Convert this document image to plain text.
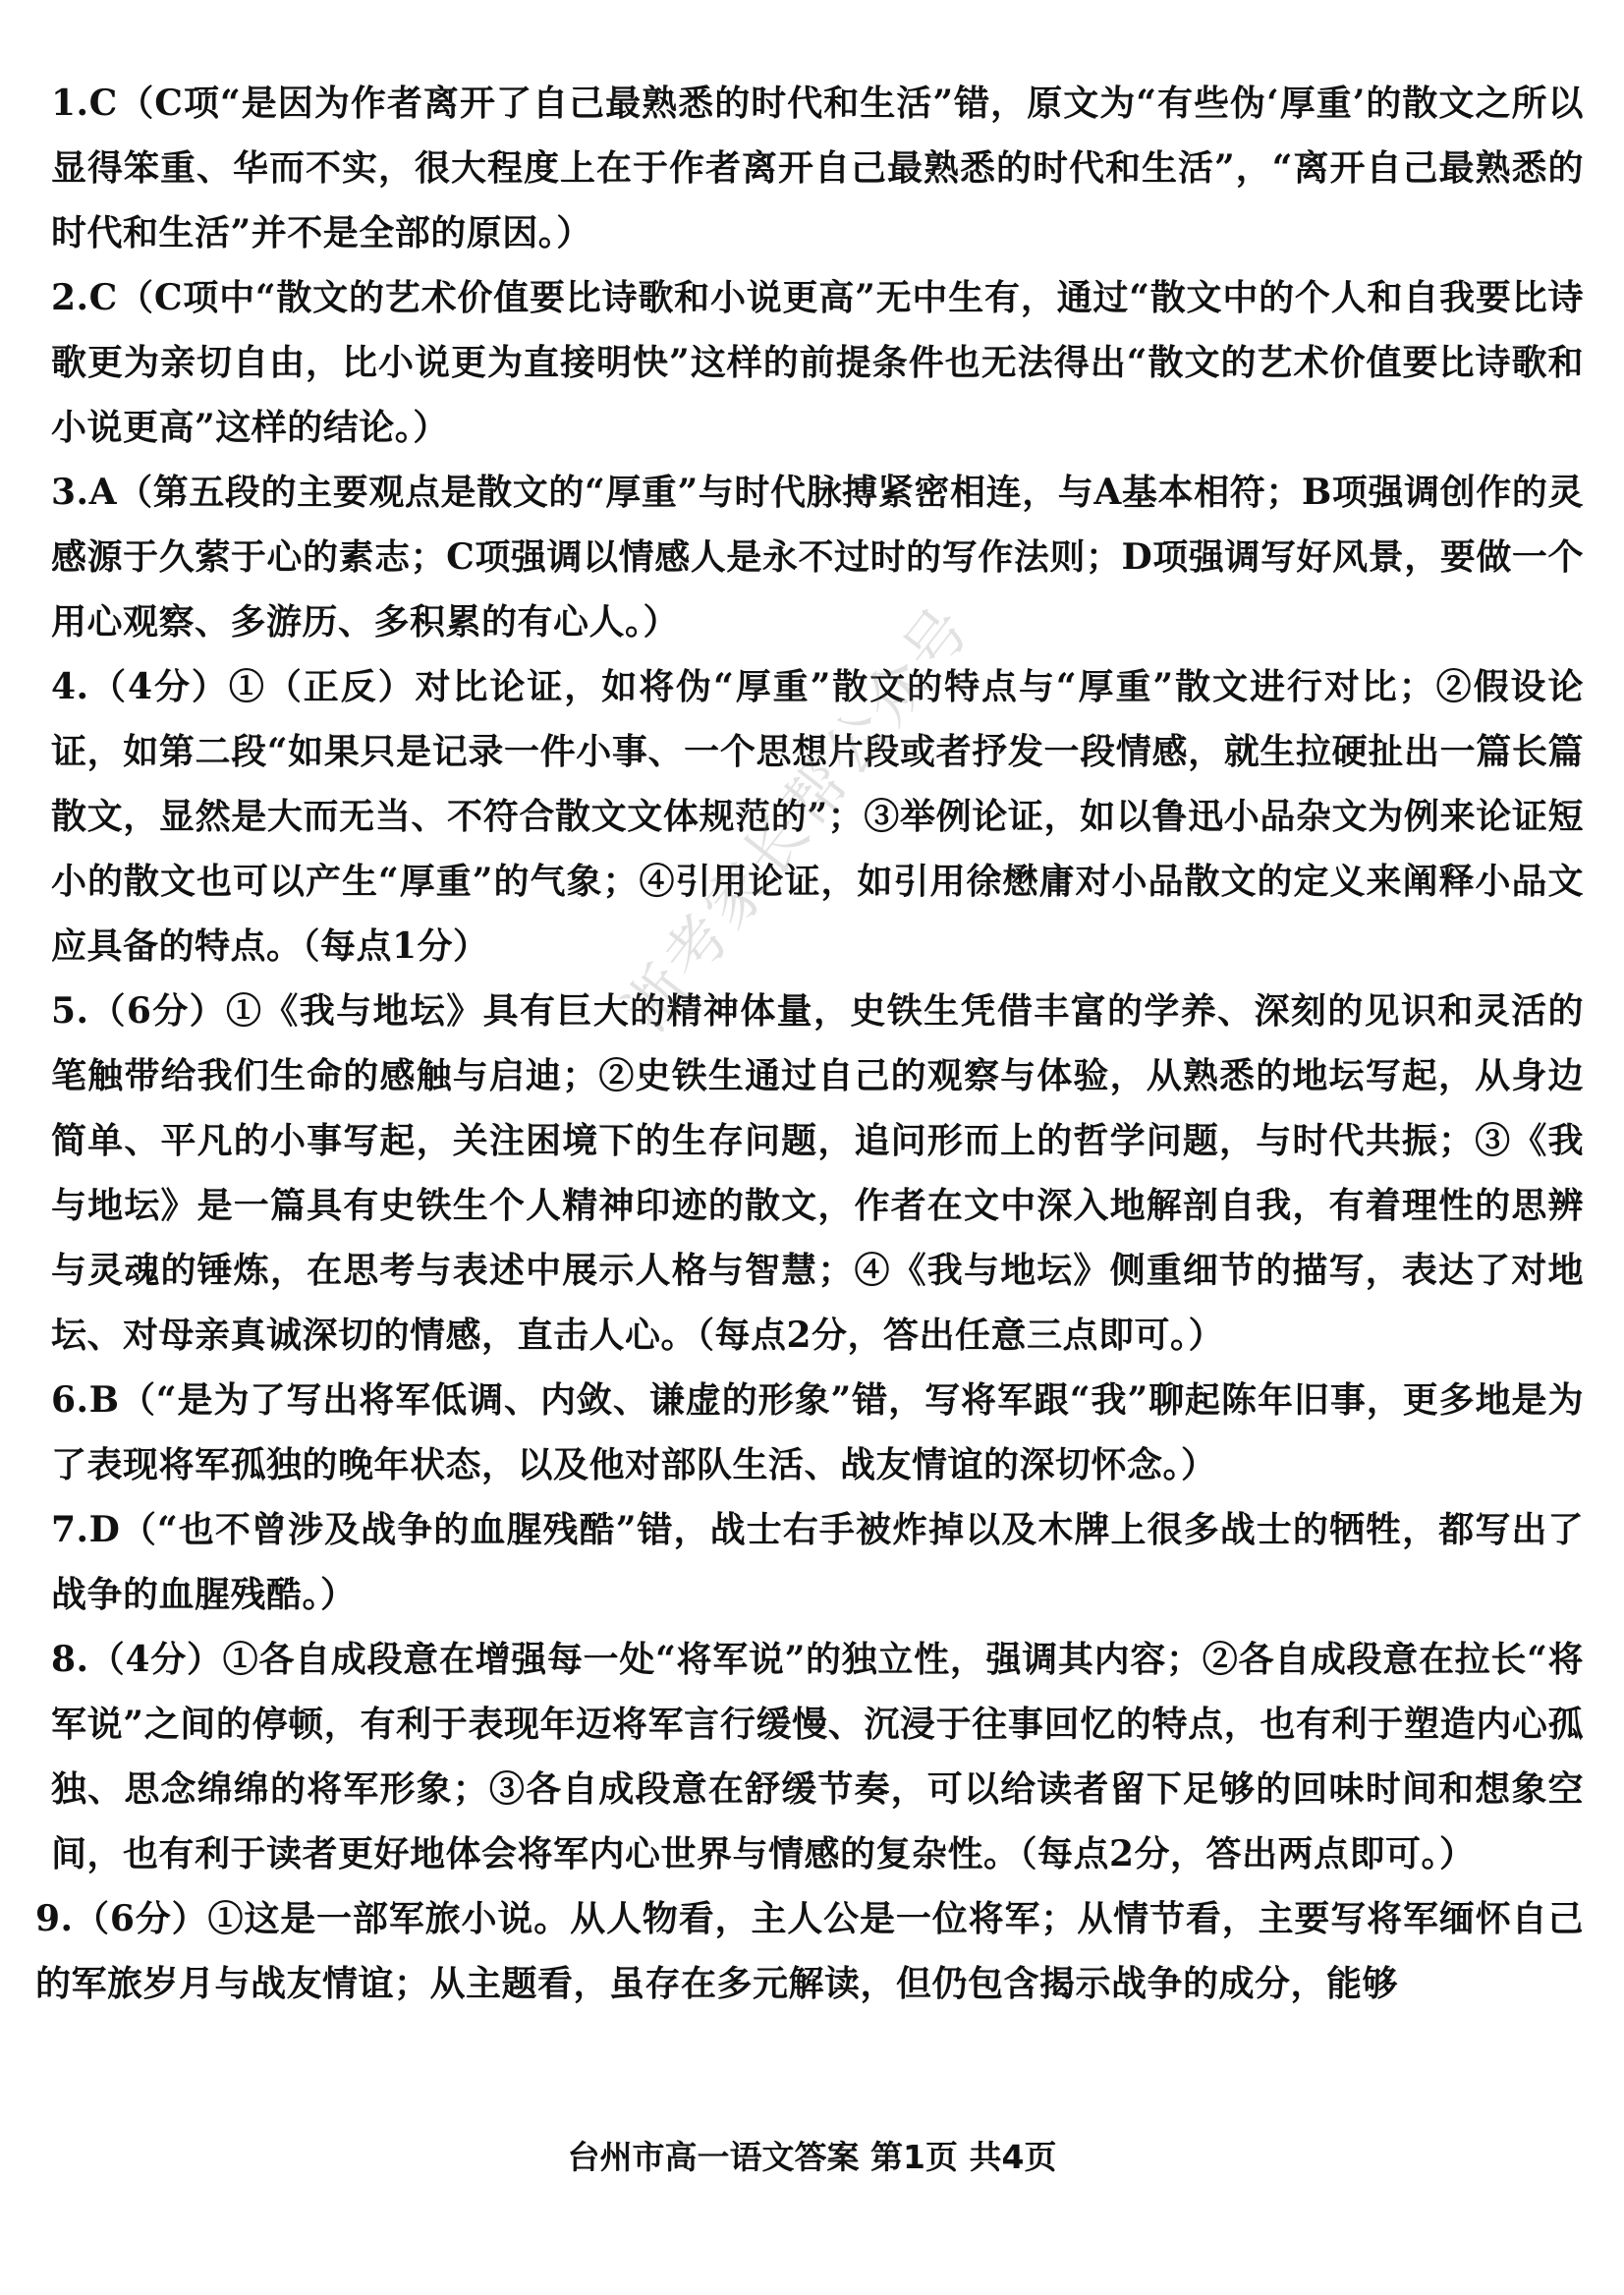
1.C（C项“是因为作者离开了自己最熟悉的时代和生活”错，原文为“有些伪‘厚重’的散文之所以显得笨重、华而不实，很大程度上在于作者离开自己最熟悉的时代和生活”，“离开自己最熟悉的时代和生活”并不是全部的原因。）

2.C（C项中“散文的艺术价值要比诗歌和小说更高”无中生有，通过“散文中的个人和自我要比诗歌更为亲切自由，比小说更为直接明快”这样的前提条件也无法得出“散文的艺术价值要比诗歌和小说更高”这样的结论。）

3.A（第五段的主要观点是散文的“厚重”与时代脉搏紧密相连，与A基本相符；B项强调创作的灵感源于久萦于心的素志；C项强调以情感人是永不过时的写作法则；D项强调写好风景，要做一个用心观察、多游历、多积累的有心人。）

4.（4分）①（正反）对比论证，如将伪“厚重”散文的特点与“厚重”散文进行对比；②假设论证，如第二段“如果只是记录一件小事、一个思想片段或者抒发一段情感，就生拉硬扯出一篇长篇散文，显然是大而无当、不符合散文文体规范的”；③举例论证，如以鲁迅小品杂文为例来论证短小的散文也可以产生“厚重”的气象；④引用论证，如引用徐懋庸对小品散文的定义来阐释小品文应具备的特点。（每点1分）

5.（6分）①《我与地坛》具有巨大的精神体量，史铁生凭借丰富的学养、深刻的见识和灵活的笔触带给我们生命的感触与启迪；②史铁生通过自己的观察与体验，从熟悉的地坛写起，从身边简单、平凡的小事写起，关注困境下的生存问题，追问形而上的哲学问题，与时代共振；③《我与地坛》是一篇具有史铁生个人精神印迹的散文，作者在文中深入地解剖自我，有着理性的思辨与灵魂的锤炼，在思考与表述中展示人格与智慧；④《我与地坛》侧重细节的描写，表达了对地坛、对母亲真诚深切的情感，直击人心。（每点2分，答出任意三点即可。）

6.B（“是为了写出将军低调、内敛、谦虚的形象”错，写将军跟“我”聊起陈年旧事，更多地是为了表现将军孤独的晚年状态，以及他对部队生活、战友情谊的深切怀念。）

7.D（“也不曾涉及战争的血腥残酷”错，战士右手被炸掉以及木牌上很多战士的牺牲，都写出了战争的血腥残酷。）

8.（4分）①各自成段意在增强每一处“将军说”的独立性，强调其内容；②各自成段意在拉长“将军说”之间的停顿，有利于表现年迈将军言行缓慢、沉浸于往事回忆的特点，也有利于塑造内心孤独、思念绵绵的将军形象；③各自成段意在舒缓节奏，可以给读者留下足够的回味时间和想象空间，也有利于读者更好地体会将军内心世界与情感的复杂性。（每点2分，答出两点即可。）

9.（6分）①这是一部军旅小说。从人物看，主人公是一位将军；从情节看，主要写将军缅怀自己的军旅岁月与战友情谊；从主题看，虽存在多元解读，但仍包含揭示战争的成分，能够

浙考家长帮公众号
台州市高一语文答案 第1页 共4页
